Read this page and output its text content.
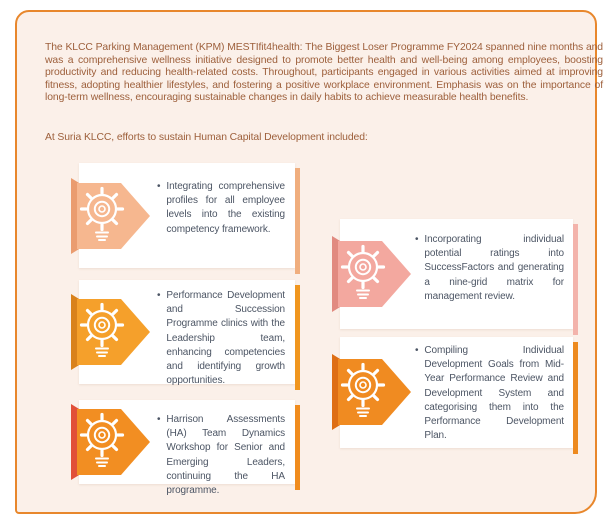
The KLCC Parking Management (KPM) MESTIfit4health: The Biggest Loser Programme FY2024 spanned nine months and was a comprehensive wellness initiative designed to promote better health and well-being among employees, boosting productivity and reducing health-related costs. Throughout, participants engaged in various activities aimed at improving fitness, adopting healthier lifestyles, and fostering a positive workplace environment. Emphasis was on the importance of long-term wellness, encouraging sustainable changes in daily habits to achieve measurable health benefits.

At Suria KLCC, efforts to sustain Human Capital Development included:

• Integrating comprehensive profiles for all employee levels into the existing competency framework.
• Performance Development and Succession Programme clinics with the Leadership team, enhancing competencies and identifying growth opportunities.
• Harrison Assessments (HA) Team Dynamics Workshop for Senior and Emerging Leaders, continuing the HA programme.
• Incorporating individual potential ratings into SuccessFactors and generating a nine-grid matrix for management review.
• Compiling Individual Development Goals from Mid-Year Performance Review and Development System and categorising them into the Performance Development Plan.
